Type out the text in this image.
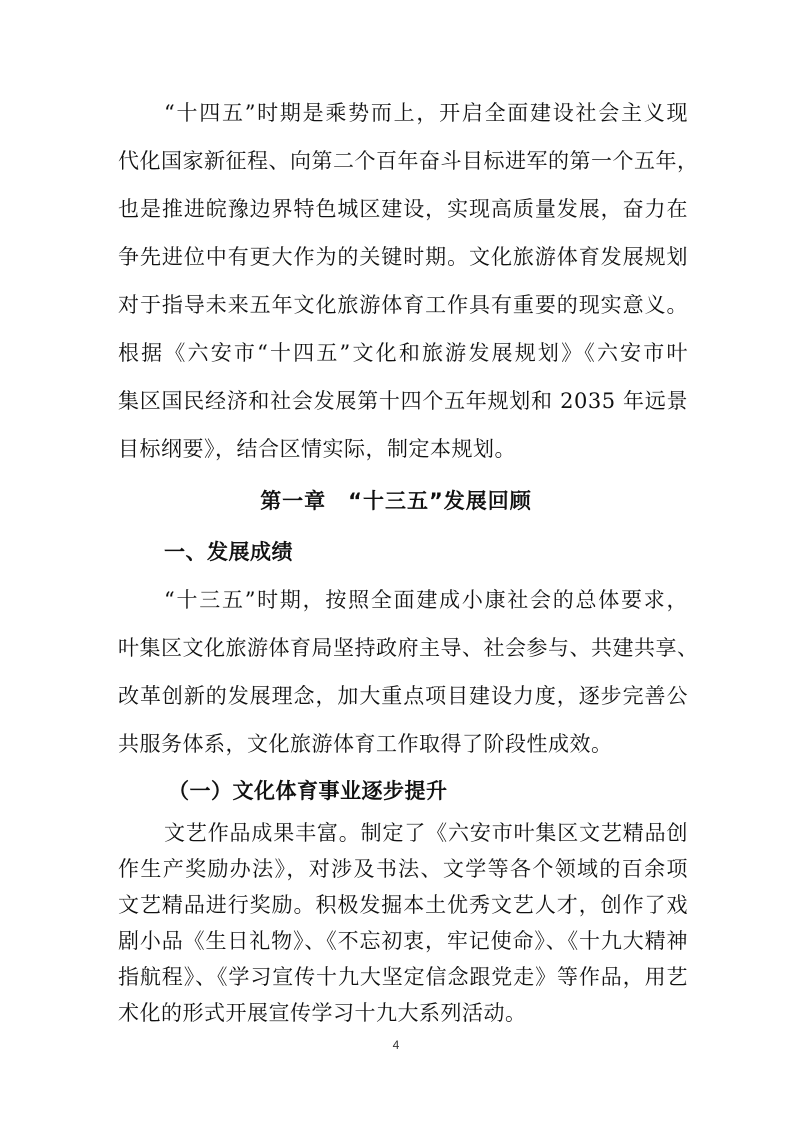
“十四五”时期是乘势而上，开启全面建设社会主义现
代化国家新征程、向第二个百年奋斗目标进军的第一个五年，
也是推进皖豫边界特色城区建设，实现高质量发展，奋力在
争先进位中有更大作为的关键时期。文化旅游体育发展规划
对于指导未来五年文化旅游体育工作具有重要的现实意义。
根据《六安市“十四五”文化和旅游发展规划》《六安市叶
集区国民经济和社会发展第十四个五年规划和 2035 年远景
目标纲要》，结合区情实际，制定本规划。
第一章　“十三五”发展回顾
一、发展成绩
“十三五”时期，按照全面建成小康社会的总体要求，
叶集区文化旅游体育局坚持政府主导、社会参与、共建共享、
改革创新的发展理念，加大重点项目建设力度，逐步完善公
共服务体系，文化旅游体育工作取得了阶段性成效。
（一）文化体育事业逐步提升
文艺作品成果丰富。制定了《六安市叶集区文艺精品创
作生产奖励办法》，对涉及书法、文学等各个领域的百余项
文艺精品进行奖励。积极发掘本土优秀文艺人才，创作了戏
剧小品《生日礼物》、《不忘初衷，牢记使命》、《十九大精神
指航程》、《学习宣传十九大坚定信念跟党走》等作品，用艺
4
术化的形式开展宣传学习十九大系列活动。
